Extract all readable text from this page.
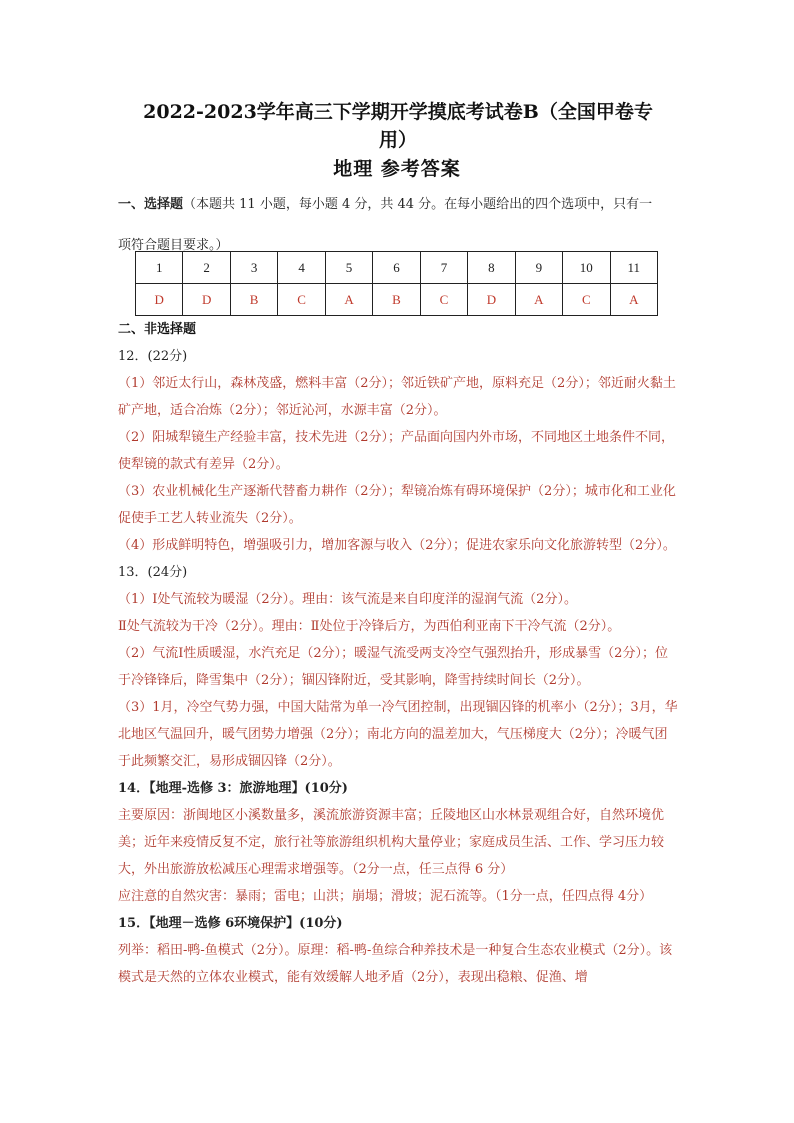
2022-2023学年高三下学期开学摸底考试卷B（全国甲卷专
用）
地理 参考答案
一、选择题（本题共 11 小题，每小题 4 分，共 44 分。在每小题给出的四个选项中，只有一
项符合题目要求。）
1	2	3	4	5	6	7	8	9	10	11
D	D	B	C	A	B	C	D	A	C	A
二、非选择题

12．(22分)

（1）邻近太行山，森林茂盛，燃料丰富（2分）；邻近铁矿产地，原料充足（2分）；邻近耐火黏土矿产地，适合冶炼（2分）；邻近沁河，水源丰富（2分）。

（2）阳城犁镜生产经验丰富，技术先进（2分）；产品面向国内外市场，不同地区土地条件不同，使犁镜的款式有差异（2分）。

（3）农业机械化生产逐渐代替畜力耕作（2分）；犁镜冶炼有碍环境保护（2分）；城市化和工业化促使手工艺人转业流失（2分）。

（4）形成鲜明特色，增强吸引力，增加客源与收入（2分）；促进农家乐向文化旅游转型（2分）。

13．(24分)

（1）Ⅰ处气流较为暖湿（2分）。理由：该气流是来自印度洋的湿润气流（2分）。

Ⅱ处气流较为干冷（2分）。理由：Ⅱ处位于冷锋后方，为西伯利亚南下干冷气流（2分）。

（2）气流Ⅰ性质暖湿，水汽充足（2分）；暖湿气流受两支冷空气强烈抬升，形成暴雪（2分）；位于冷锋锋后，降雪集中（2分）；锢囚锋附近，受其影响，降雪持续时间长（2分）。

（3）1月，冷空气势力强，中国大陆常为单一冷气团控制，出现锢囚锋的机率小（2分）；3月，华北地区气温回升，暖气团势力增强（2分）；南北方向的温差加大，气压梯度大（2分）；冷暖气团于此频繁交汇，易形成锢囚锋（2分）。

14．【地理-选修 3：旅游地理】(10分)

主要原因：浙闽地区小溪数量多，溪流旅游资源丰富；丘陵地区山水林景观组合好，自然环境优美；近年来疫情反复不定，旅行社等旅游组织机构大量停业；家庭成员生活、工作、学习压力较大，外出旅游放松减压心理需求增强等。（2分一点，任三点得 6 分）

应注意的自然灾害：暴雨；雷电；山洪；崩塌；滑坡；泥石流等。（1分一点，任四点得 4分）

15．【地理－选修 6环境保护】(10分)

列举：稻田-鸭-鱼模式（2分）。原理：稻-鸭-鱼综合种养技术是一种复合生态农业模式（2分）。该模式是天然的立体农业模式，能有效缓解人地矛盾（2分），表现出稳粮、促渔、增
